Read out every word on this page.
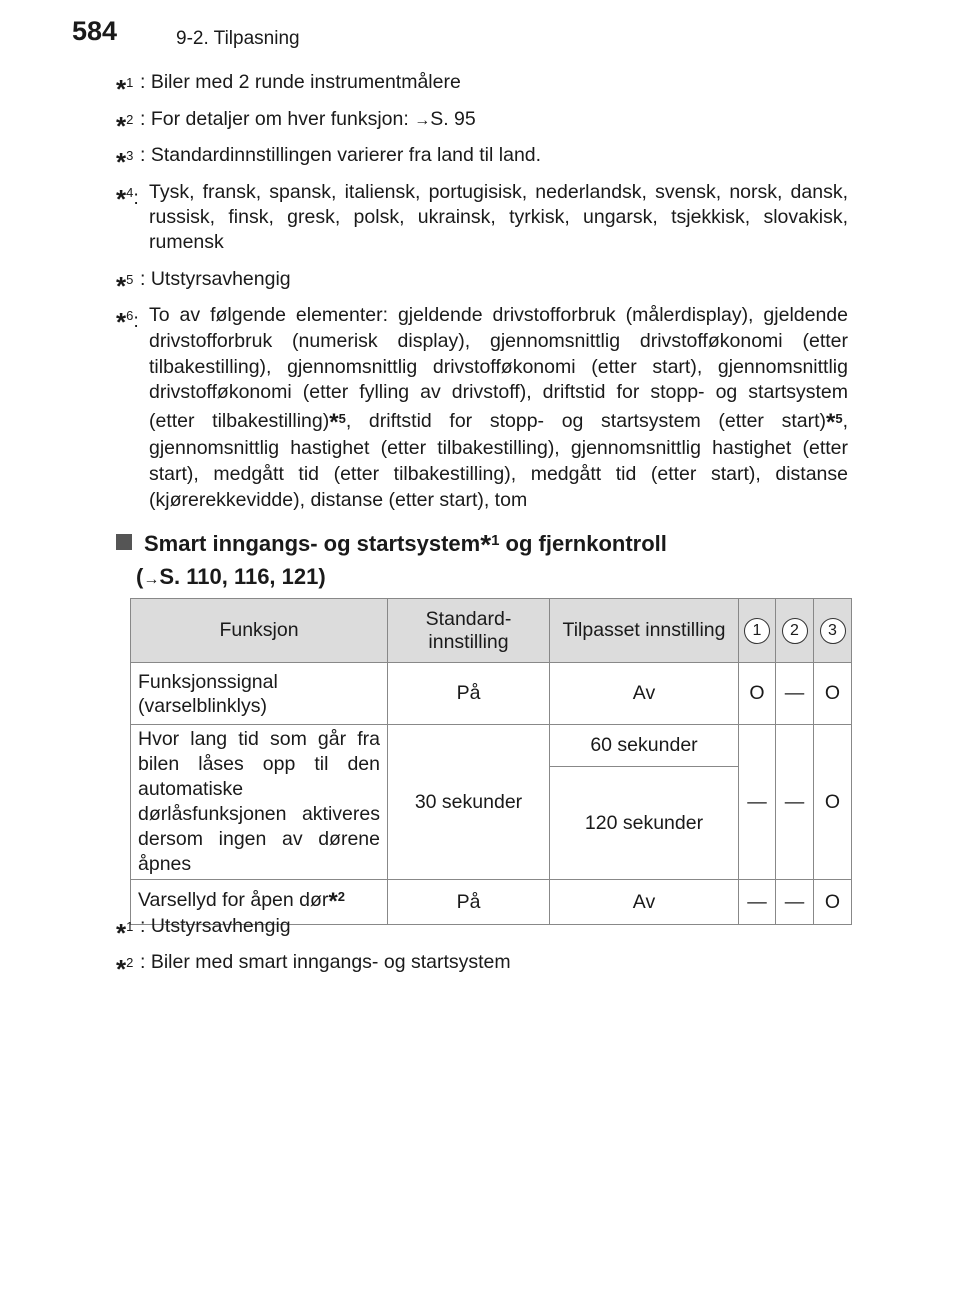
584	9-2. Tilpasning
*$^1$ : Biler med 2 runde instrumentmålere
*$^2$ : For detaljer om hver funksjon: →S. 95
*$^3$ : Standardinnstillingen varierer fra land til land.
*$^4$: Tysk, fransk, spansk, italiensk, portugisisk, nederlandsk, svensk, norsk, dansk, russisk, finsk, gresk, polsk, ukrainsk, tyrkisk, ungarsk, tsjekkisk, slovakisk, rumensk
*$^5$ : Utstyrsavhengig
*$^6$: To av følgende elementer: gjeldende drivstofforbruk (målerdisplay), gjeldende drivstofforbruk (numerisk display), gjennomsnittlig drivstofføkonomi (etter tilbakestilling), gjennomsnittlig drivstofføkonomi (etter start), gjennomsnittlig drivstofføkonomi (etter fylling av drivstoff), driftstid for stopp- og startsystem (etter tilbakestilling)*$^5$, driftstid for stopp- og startsystem (etter start)*$^5$, gjennomsnittlig hastighet (etter tilbakestilling), gjennomsnittlig hastighet (etter start), medgått tid (etter tilbakestilling), medgått tid (etter start), distanse (kjørerekkevidde), distanse (etter start), tom
Smart inngangs- og startsystem*$^1$ og fjernkontroll
(→S. 110, 116, 121)
Funksjon	Standard-innstilling	Tilpasset innstilling	1	2	3
Funksjonssignal (varselblinklys)	På	Av	O	—	O
Hvor lang tid som går fra bilen låses opp til den automatiske dørlåsfunksjonen aktiveres dersom ingen av dørene åpnes	30 sekunder	60 sekunder	—	—	O
		120 sekunder			
Varsellyd for åpen dør*$^2$	På	Av	—	—	O
*$^1$ : Utstyrsavhengig
*$^2$ : Biler med smart inngangs- og startsystem
